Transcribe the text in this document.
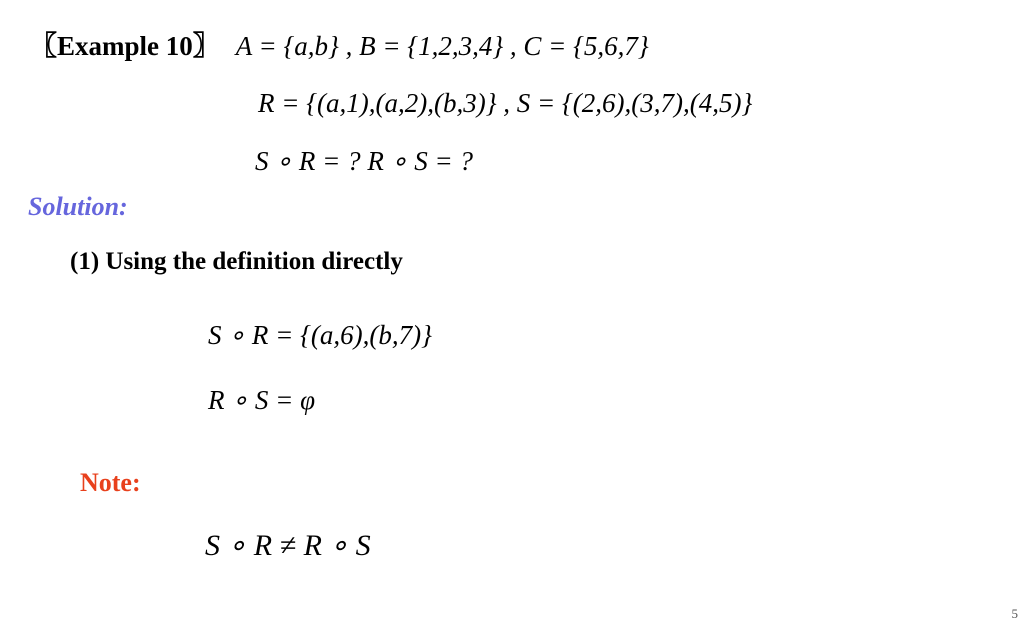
〖Example 10〗 A = {a,b} , B = {1,2,3,4} , C = {5,6,7}
R = {(a,1),(a,2),(b,3)} , S = {(2,6),(3,7),(4,5)}
S ∘ R = ? R ∘ S = ?
Solution:
(1) Using the definition directly
S ∘ R = {(a,6),(b,7)}
R ∘ S = φ
Note:
S ∘ R ≠ R ∘ S
5
